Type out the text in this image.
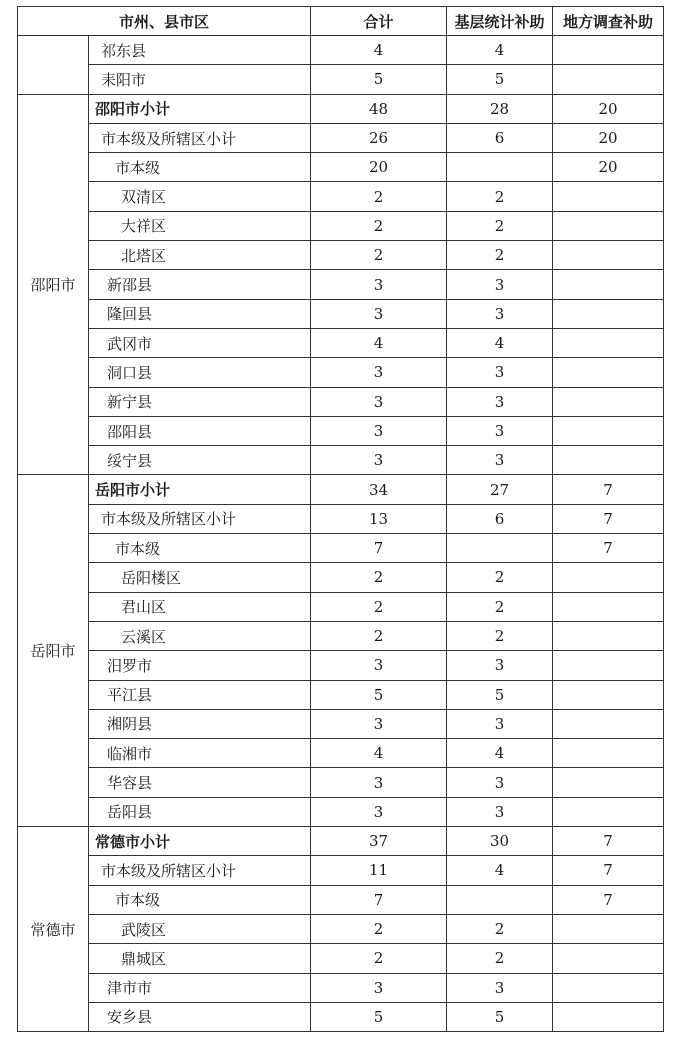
市州、县市区		合计	基层统计补助	地方调查补助
	祁东县	4	4	
	耒阳市	5	5	
邵阳市	邵阳市小计	48	28	20
	市本级及所辖区小计	26	6	20
	市本级	20		20
	双清区	2	2	
	大祥区	2	2	
	北塔区	2	2	
	新邵县	3	3	
	隆回县	3	3	
	武冈市	4	4	
	洞口县	3	3	
	新宁县	3	3	
	邵阳县	3	3	
	绥宁县	3	3	
岳阳市	岳阳市小计	34	27	7
	市本级及所辖区小计	13	6	7
	市本级	7		7
	岳阳楼区	2	2	
	君山区	2	2	
	云溪区	2	2	
	汨罗市	3	3	
	平江县	5	5	
	湘阴县	3	3	
	临湘市	4	4	
	华容县	3	3	
	岳阳县	3	3	
常德市	常德市小计	37	30	7
	市本级及所辖区小计	11	4	7
	市本级	7		7
	武陵区	2	2	
	鼎城区	2	2	
	津市市	3	3	
	安乡县	5	5	
